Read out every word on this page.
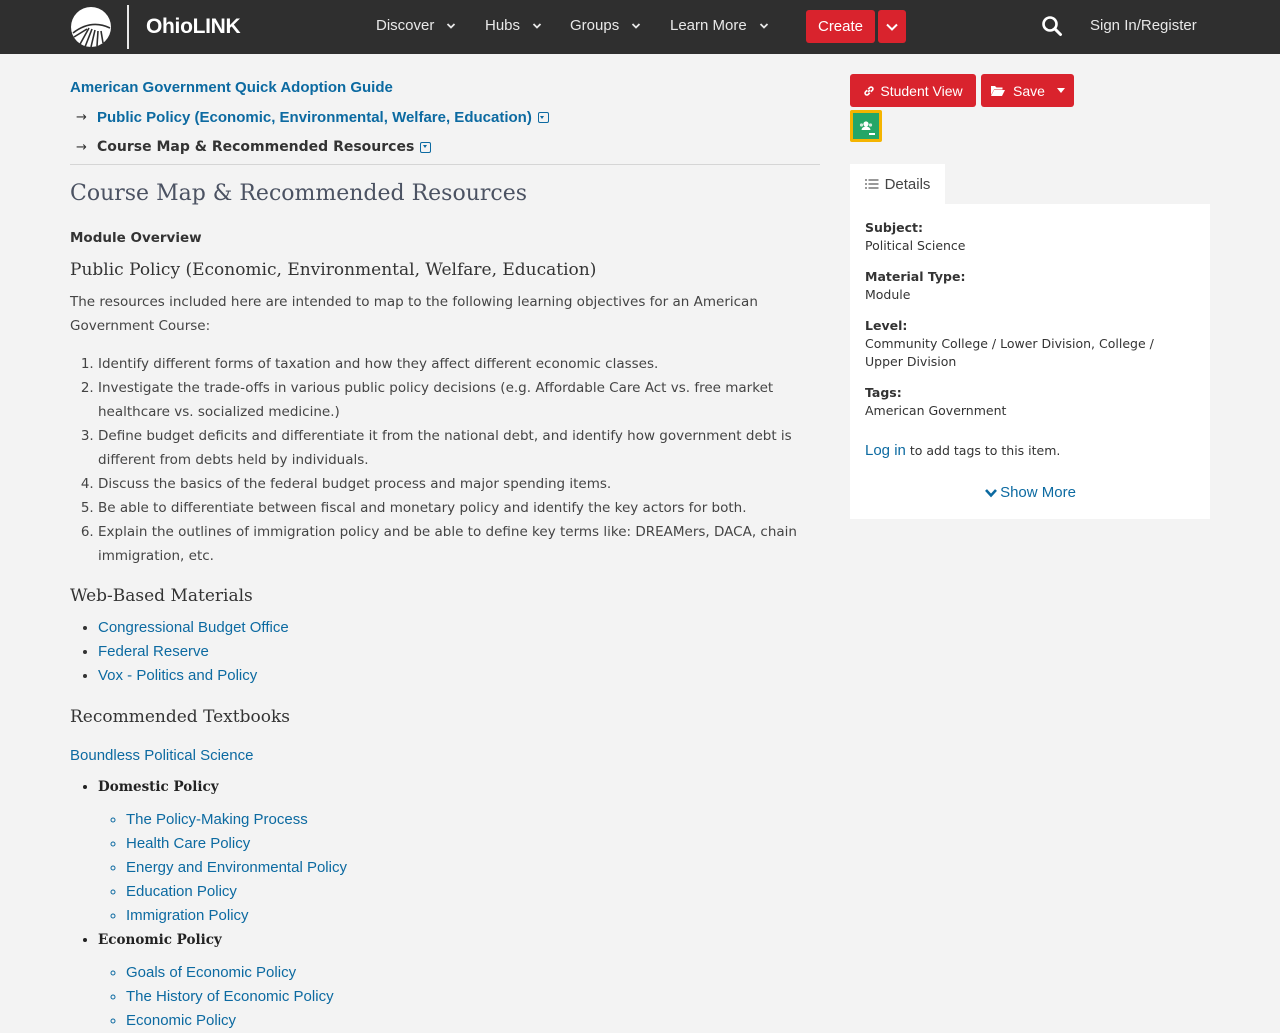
OhioLINK	Discover	Hubs	Groups	Learn More	Create	Sign In/Register
American Government Quick Adoption Guide
→ Public Policy (Economic, Environmental, Welfare, Education)
→ Course Map & Recommended Resources
Course Map & Recommended Resources
Module Overview
Public Policy (Economic, Environmental, Welfare, Education)

The resources included here are intended to map to the following learning objectives for an American Government Course:

1. Identify different forms of taxation and how they affect different economic classes.
2. Investigate the trade-offs in various public policy decisions (e.g. Affordable Care Act vs. free market healthcare vs. socialized medicine.)
3. Define budget deficits and differentiate it from the national debt, and identify how government debt is different from debts held by individuals.
4. Discuss the basics of the federal budget process and major spending items.
5. Be able to differentiate between fiscal and monetary policy and identify the key actors for both.
6. Explain the outlines of immigration policy and be able to define key terms like: DREAMers, DACA, chain immigration, etc.
Web-Based Materials
• Congressional Budget Office
• Federal Reserve
• Vox - Politics and Policy
Recommended Textbooks
Boundless Political Science
• Domestic Policy
◦ The Policy-Making Process
◦ Health Care Policy
◦ Energy and Environmental Policy
◦ Education Policy
◦ Immigration Policy
• Economic Policy
◦ Goals of Economic Policy
◦ The History of Economic Policy
◦ Economic Policy
Student View	Save
Details
Subject:
Political Science
Material Type:
Module
Level:
Community College / Lower Division, College / Upper Division
Tags:
American Government
Log in to add tags to this item.
Show More
